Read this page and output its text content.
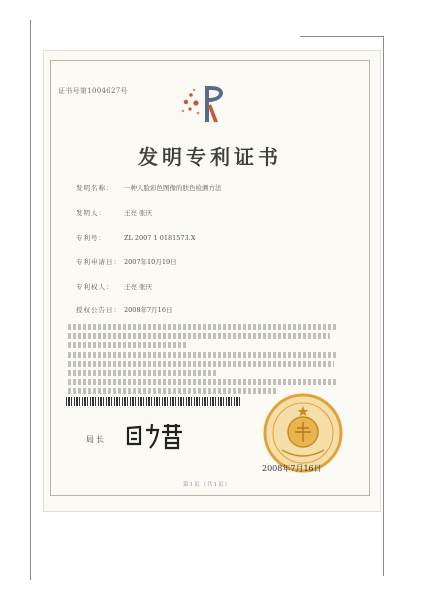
证书号第1004627号
发明专利证书
发明名称： 一种人脸彩色图像的肤色检测方法
发明人：	王亮 张庆
专利号：	ZL 2007 1 0181573.X
专利申请日： 2007年10月19日
专利权人： 王亮 张庆
授权公告日： 2008年7月16日
局长
2008年7月16日
第1页（共1页）
